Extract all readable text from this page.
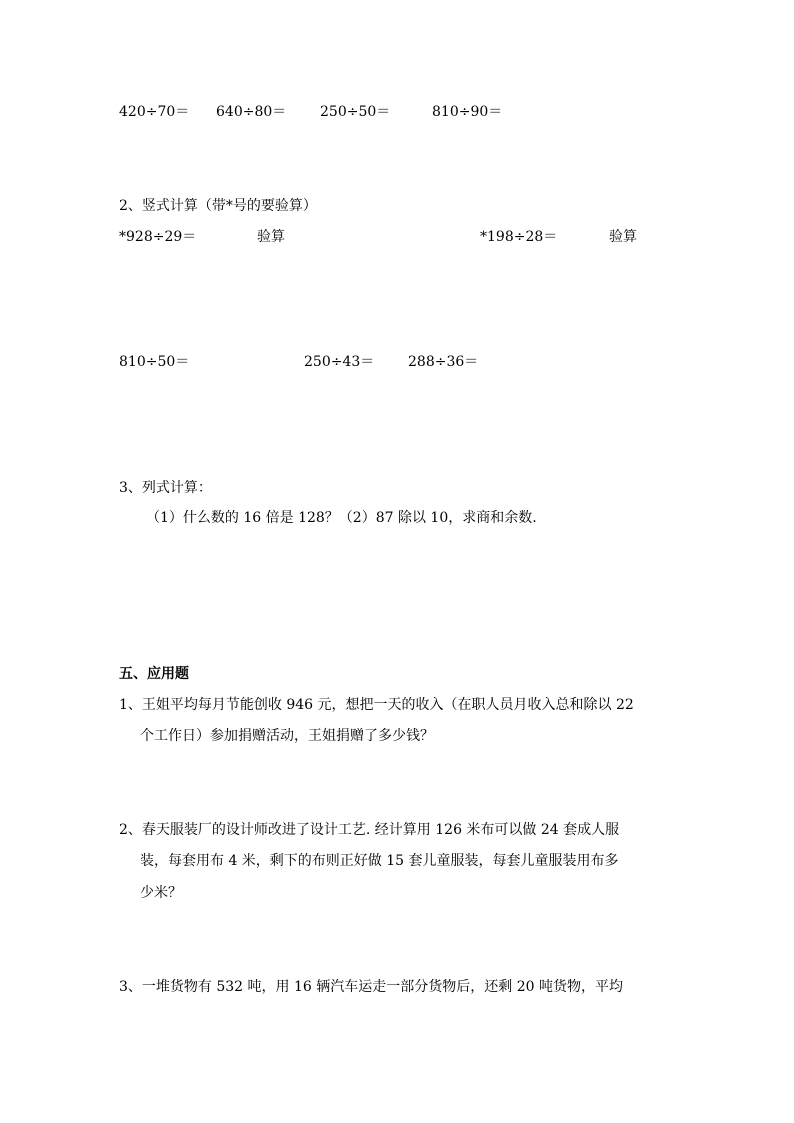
420÷70＝ 640÷80＝ 250÷50＝	810÷90＝
2、竖式计算（带*号的要验算）
*928÷29＝	验算	*198÷28＝	验算
810÷50＝	250÷43＝ 288÷36＝
3、列式计算：
（1）什么数的 16 倍是 128？（2）87 除以 10，求商和余数.
五、应用题
1、王姐平均每月节能创收 946 元，想把一天的收入（在职人员月收入总和除以 22
个工作日）参加捐赠活动，王姐捐赠了多少钱？
2、春天服装厂的设计师改进了设计工艺. 经计算用 126 米布可以做 24 套成人服
装，每套用布 4 米，剩下的布则正好做 15 套儿童服装，每套儿童服装用布多
少米？
3、一堆货物有 532 吨，用 16 辆汽车运走一部分货物后，还剩 20 吨货物，平均
